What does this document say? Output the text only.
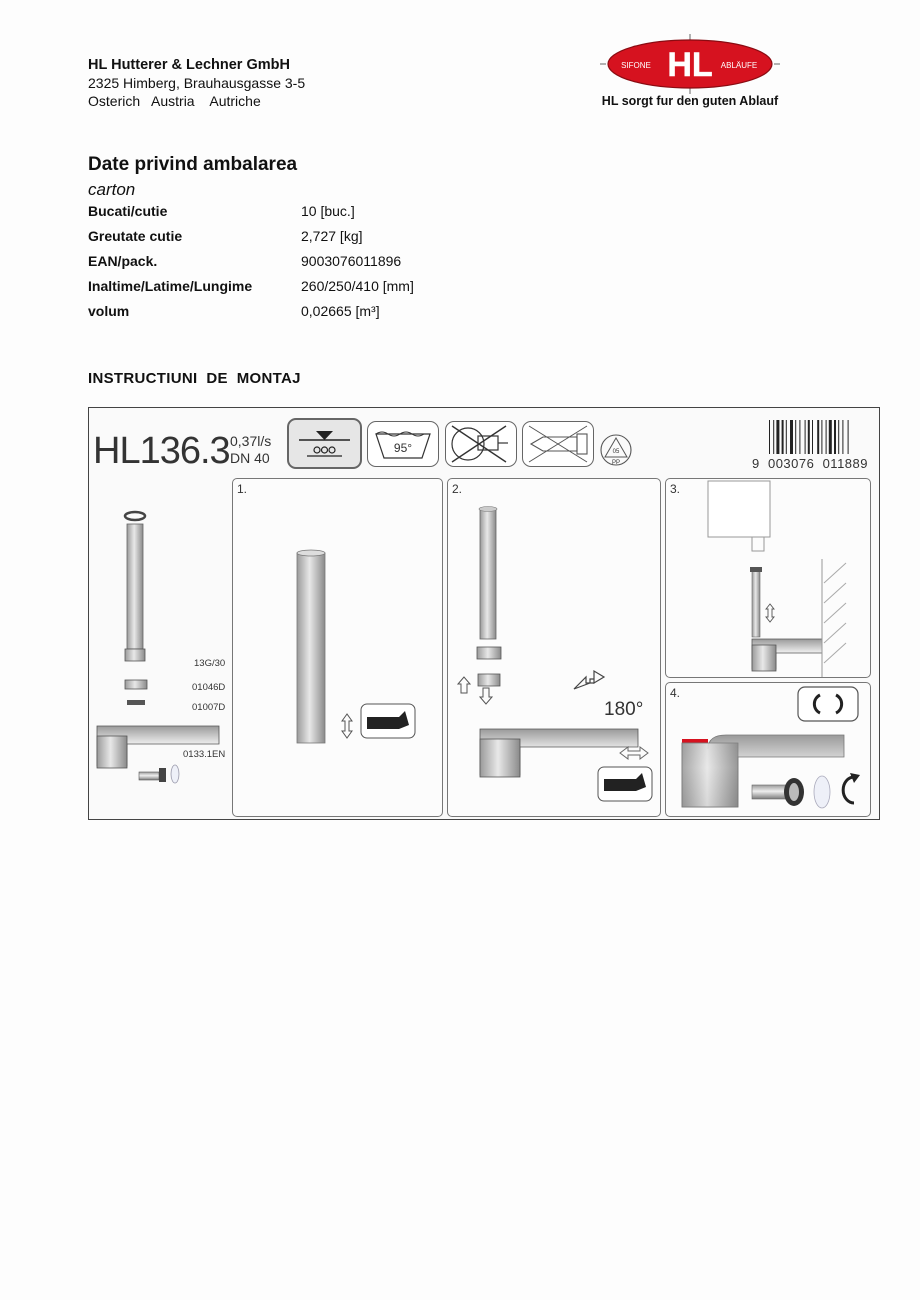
HL Hutterer & Lechner GmbH
2325 Himberg, Brauhausgasse 3-5
Osterich   Austria    Autriche
SIFONE	ABLÄUFE
HL
HL sorgt fur den guten Ablauf
Date privind ambalarea
carton
Bucati/cutie	10 [buc.]
Greutate cutie	2,727 [kg]
EAN/pack.	9003076011896
Inaltime/Latime/Lungime	260/250/410 [mm]
volum	0,02665 [m³]
INSTRUCTIUNI  DE  MONTAJ
HL136.3 0,37l/s
DN 40
95°	05
PP	9  003076  011889
13G/30
01046D
01007D
0133.1EN
1.	2.
180°
3.
4.
